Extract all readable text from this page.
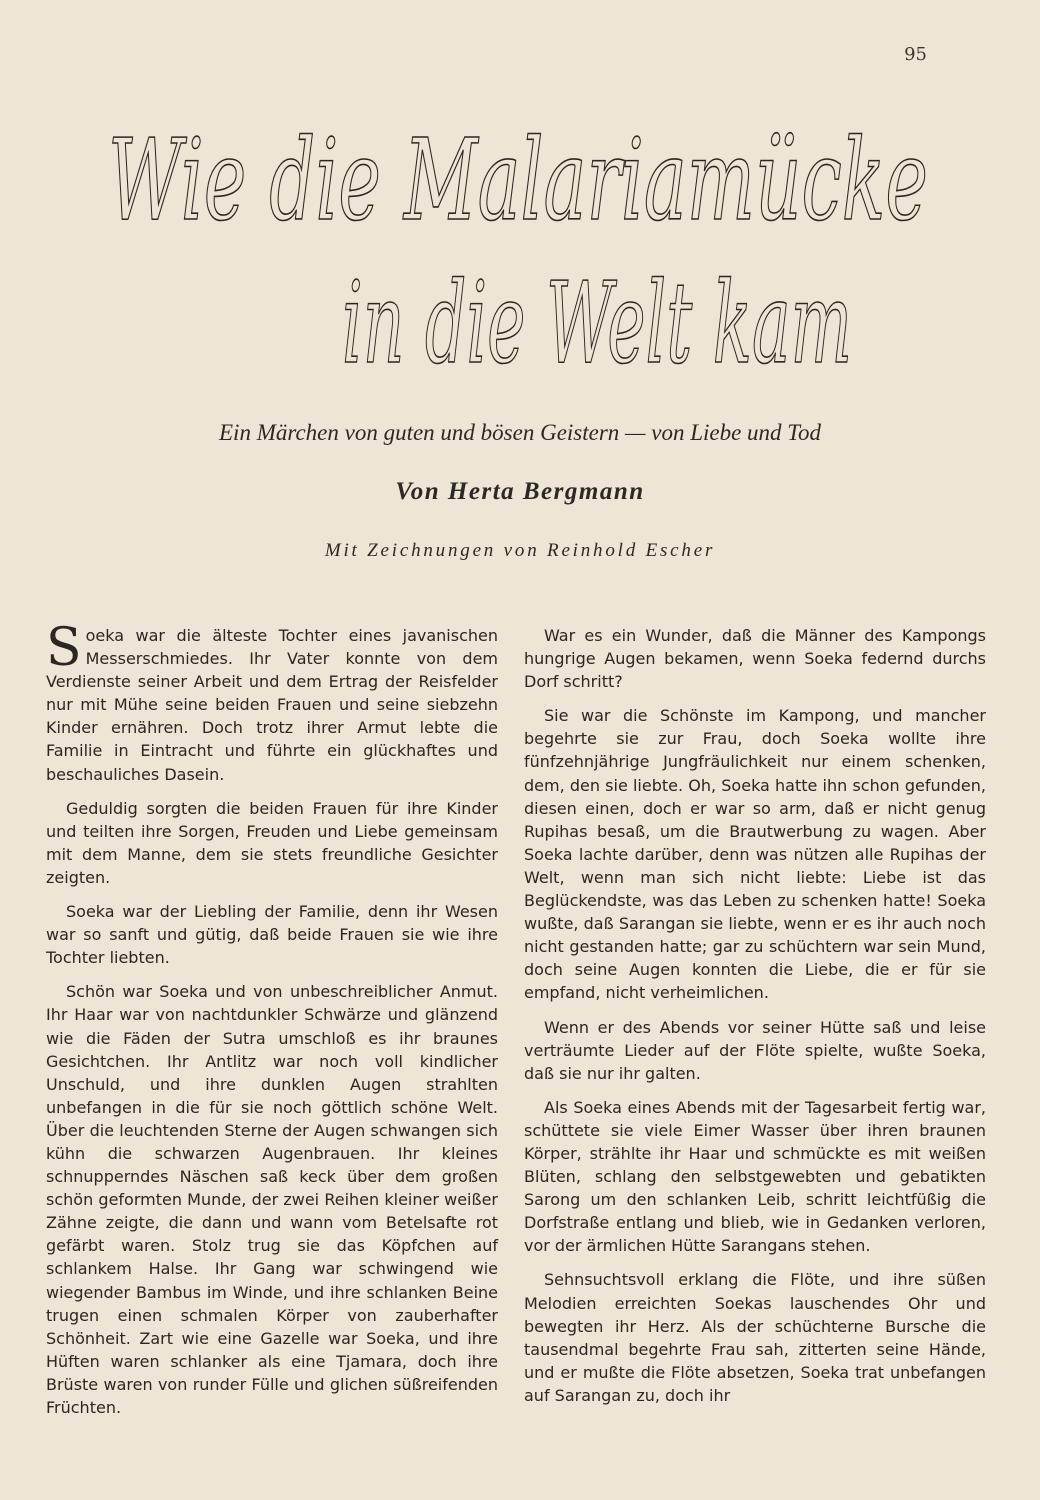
95
Wie die Malariamücke
in die Welt kam
Ein Märchen von guten und bösen Geistern — von Liebe und Tod
Von Herta Bergmann
Mit Zeichnungen von Reinhold Escher

Soeka war die älteste Tochter eines javanischen Messerschmiedes. Ihr Vater konnte von dem Verdienste seiner Arbeit und dem Ertrag der Reisfelder nur mit Mühe seine beiden Frauen und seine siebzehn Kinder ernähren. Doch trotz ihrer Armut lebte die Familie in Eintracht und führte ein glückhaftes und beschauliches Dasein.

Geduldig sorgten die beiden Frauen für ihre Kinder und teilten ihre Sorgen, Freuden und Liebe gemeinsam mit dem Manne, dem sie stets freundliche Gesichter zeigten.

Soeka war der Liebling der Familie, denn ihr Wesen war so sanft und gütig, daß beide Frauen sie wie ihre Tochter liebten.

Schön war Soeka und von unbeschreiblicher Anmut. Ihr Haar war von nachtdunkler Schwärze und glänzend wie die Fäden der Sutra umschloß es ihr braunes Gesichtchen. Ihr Antlitz war noch voll kindlicher Unschuld, und ihre dunklen Augen strahlten unbefangen in die für sie noch göttlich schöne Welt. Über die leuchtenden Sterne der Augen schwangen sich kühn die schwarzen Augenbrauen. Ihr kleines schnupperndes Näschen saß keck über dem großen schön geformten Munde, der zwei Reihen kleiner weißer Zähne zeigte, die dann und wann vom Betelsafte rot gefärbt waren. Stolz trug sie das Köpfchen auf schlankem Halse. Ihr Gang war schwingend wie wiegender Bambus im Winde, und ihre schlanken Beine trugen einen schmalen Körper von zauberhafter Schönheit. Zart wie eine Gazelle war Soeka, und ihre Hüften waren schlanker als eine Tjamara, doch ihre Brüste waren von runder Fülle und glichen süßreifenden Früchten.

War es ein Wunder, daß die Männer des Kampongs hungrige Augen bekamen, wenn Soeka federnd durchs Dorf schritt?

Sie war die Schönste im Kampong, und mancher begehrte sie zur Frau, doch Soeka wollte ihre fünfzehnjährige Jungfräulichkeit nur einem schenken, dem, den sie liebte. Oh, Soeka hatte ihn schon gefunden, diesen einen, doch er war so arm, daß er nicht genug Rupihas besaß, um die Brautwerbung zu wagen. Aber Soeka lachte darüber, denn was nützen alle Rupihas der Welt, wenn man sich nicht liebte: Liebe ist das Beglückendste, was das Leben zu schenken hatte! Soeka wußte, daß Sarangan sie liebte, wenn er es ihr auch noch nicht gestanden hatte; gar zu schüchtern war sein Mund, doch seine Augen konnten die Liebe, die er für sie empfand, nicht verheimlichen.

Wenn er des Abends vor seiner Hütte saß und leise verträumte Lieder auf der Flöte spielte, wußte Soeka, daß sie nur ihr galten.

Als Soeka eines Abends mit der Tagesarbeit fertig war, schüttete sie viele Eimer Wasser über ihren braunen Körper, strählte ihr Haar und schmückte es mit weißen Blüten, schlang den selbstgewebten und gebatikten Sarong um den schlanken Leib, schritt leichtfüßig die Dorfstraße entlang und blieb, wie in Gedanken verloren, vor der ärmlichen Hütte Sarangans stehen.

Sehnsuchtsvoll erklang die Flöte, und ihre süßen Melodien erreichten Soekas lauschendes Ohr und bewegten ihr Herz. Als der schüchterne Bursche die tausendmal begehrte Frau sah, zitterten seine Hände, und er mußte die Flöte absetzen, Soeka trat unbefangen auf Sarangan zu, doch ihr
